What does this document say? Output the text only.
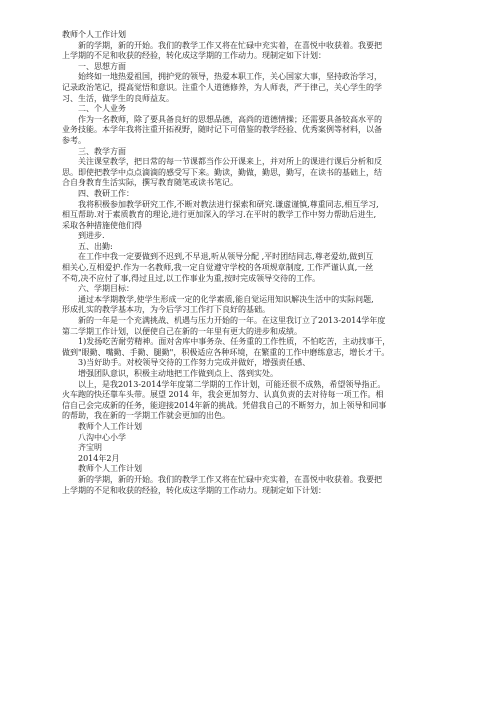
教师个人工作计划
新的学期，新的开始。我们的教学工作又将在忙碌中充实着，在喜悦中收获着。我要把
上学期的不足和收获的经验，转化成这学期的工作动力。现制定如下计划：
一、思想方面
始终如一地热爱祖国，拥护党的领导，热爱本职工作，关心国家大事，坚持政治学习，
记录政治笔记，提高觉悟和意识。注重个人道德修养，为人师表，严于律己，关心学生的学
习、生活，做学生的良师益友。
二、个人业务
作为一名教师，除了要具备良好的思想品德，高尚的道德情操；还需要具备较高水平的
业务技能。本学年我将注重开拓视野，随时记下可借鉴的教学经验、优秀案例等材料，以备
参考。
三、教学方面
关注课堂教学，把日常的每一节课都当作公开课来上，并对所上的课进行课后分析和反
思。即使把教学中点点滴滴的感受写下来。勤读，勤做，勤思，勤写，在读书的基础上，结
合自身教育生活实际，撰写教育随笔或读书笔记。
四、教研工作：
我将积极参加教学研究工作,不断对教法进行探索和研究.谦虚谨慎,尊重同志,相互学习,
相互帮助.对于素质教育的理论,进行更加深入的学习.在平时的教学工作中努力帮助后进生,
采取各种措施使他们得
到进步.
五、出勤:
在工作中我一定要做到不迟到,不早退,听从领导分配 ,平时团结同志,尊老爱幼,做到互
相关心,互相爱护.作为一名教师,我一定自觉遵守学校的各项规章制度, 工作严谨认真,一丝
不苟,决不应付了事,得过且过,以工作事业为重,按时完成领导交待的工作。
六、学期目标：
通过本学期教学,使学生形成一定的化学素质,能自觉运用知识解决生活中的实际问题,
形成扎实的教学基本功，为今后学习工作打下良好的基础。
新的一年是一个充满挑战、机遇与压力开始的一年。在这里我订立了2013-2014学年度
第二学期工作计划，以便使自己在新的一年里有更大的进步和成绩。
1)发扬吃苦耐劳精神。面对舍库中事务杂、任务重的工作性质，不怕吃苦，主动找事干，
做到"眼勤、嘴勤、手勤、腿勤"，积极适应各种环境，在繁重的工作中磨练意志，增长才干。
3)当好助手。对校领导交待的工作努力完成并做好，增强责任感、
增强团队意识，积极主动地把工作做到点上、落到实处。
以上，是我2013-2014学年度第二学期的工作计划，可能还很不成熟，希望领导指正。
火车跑的快还靠车头带。展望 2014 年，我会更加努力、认真负责的去对待每一项工作。相
信自己会完成新的任务，能迎接2014年新的挑战。凭借我自己的不断努力，加上领导和同事
的帮助，我在新的一学期工作就会更加的出色。
教师个人工作计划
八沟中心小学
齐宝明
2014年2月
教师个人工作计划
新的学期，新的开始。我们的教学工作又将在忙碌中充实着，在喜悦中收获着。我要把
上学期的不足和收获的经验，转化成这学期的工作动力。现制定如下计划：
